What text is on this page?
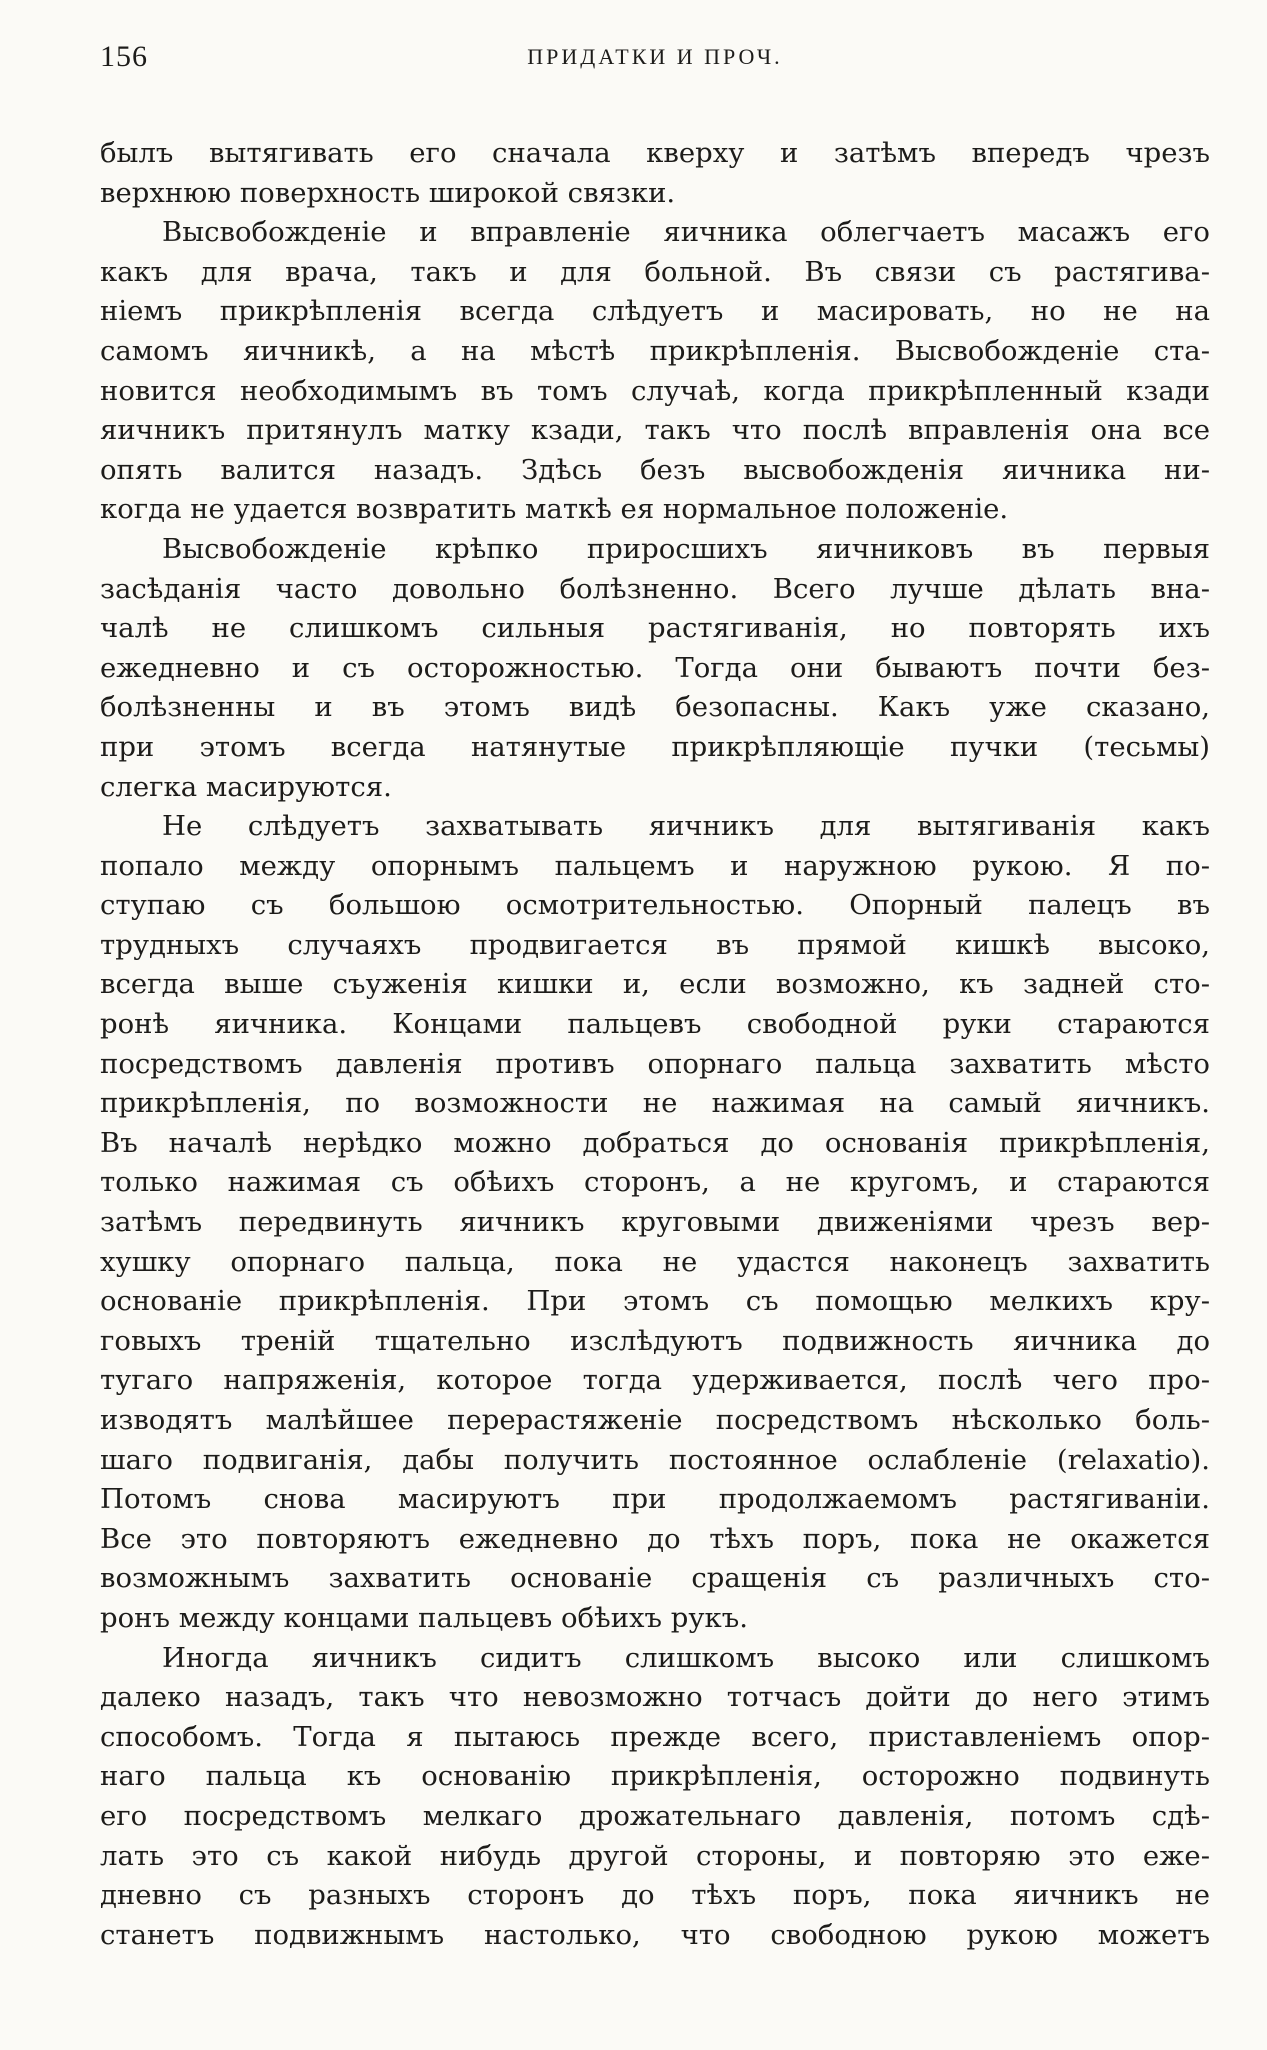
156	ПРИДАТКИ И ПРОЧ.
былъ вытягивать его сначала кверху и затѣмъ впередъ чрезъ
верхнюю поверхность широкой связки.
Высвобожденіе и вправленіе яичника облегчаетъ масажъ его
какъ для врача, такъ и для больной. Въ связи съ растягива-
ніемъ прикрѣпленія всегда слѣдуетъ и масировать, но не на
самомъ яичникѣ, а на мѣстѣ прикрѣпленія. Высвобожденіе ста-
новится необходимымъ въ томъ случаѣ, когда прикрѣпленный кзади
яичникъ притянулъ матку кзади, такъ что послѣ вправленія она все
опять валится назадъ. Здѣсь безъ высвобожденія яичника ни-
когда не удается возвратить маткѣ ея нормальное положеніе.
Высвобожденіе крѣпко приросшихъ яичниковъ въ первыя
засѣданія часто довольно болѣзненно. Всего лучше дѣлать вна-
чалѣ не слишкомъ сильныя растягиванія, но повторять ихъ
ежедневно и съ осторожностью. Тогда они бываютъ почти без-
болѣзненны и въ этомъ видѣ безопасны. Какъ уже сказано,
при этомъ всегда натянутые прикрѣпляющіе пучки (тесьмы)
слегка масируются.
Не слѣдуетъ захватывать яичникъ для вытягиванія какъ
попало между опорнымъ пальцемъ и наружною рукою. Я по-
ступаю съ большою осмотрительностью. Опорный палецъ въ
трудныхъ случаяхъ продвигается въ прямой кишкѣ высоко,
всегда выше съуженія кишки и, если возможно, къ задней сто-
ронѣ яичника. Концами пальцевъ свободной руки стараются
посредствомъ давленія противъ опорнаго пальца захватить мѣсто
прикрѣпленія, по возможности не нажимая на самый яичникъ.
Въ началѣ нерѣдко можно добраться до основанія прикрѣпленія,
только нажимая съ обѣихъ сторонъ, а не кругомъ, и стараются
затѣмъ передвинуть яичникъ круговыми движеніями чрезъ вер-
хушку опорнаго пальца, пока не удастся наконецъ захватить
основаніе прикрѣпленія. При этомъ съ помощью мелкихъ кру-
говыхъ треній тщательно изслѣдуютъ подвижность яичника до
тугаго напряженія, которое тогда удерживается, послѣ чего про-
изводятъ малѣйшее перерастяженіе посредствомъ нѣсколько боль-
шаго подвиганія, дабы получить постоянное ослабленіе (relaxatio).
Потомъ снова масируютъ при продолжаемомъ растягиваніи.
Все это повторяютъ ежедневно до тѣхъ поръ, пока не окажется
возможнымъ захватить основаніе сращенія съ различныхъ сто-
ронъ между концами пальцевъ обѣихъ рукъ.
Иногда яичникъ сидитъ слишкомъ высоко или слишкомъ
далеко назадъ, такъ что невозможно тотчасъ дойти до него этимъ
способомъ. Тогда я пытаюсь прежде всего, приставленіемъ опор-
наго пальца къ основанію прикрѣпленія, осторожно подвинуть
его посредствомъ мелкаго дрожательнаго давленія, потомъ сдѣ-
лать это съ какой нибудь другой стороны, и повторяю это еже-
дневно съ разныхъ сторонъ до тѣхъ поръ, пока яичникъ не
станетъ подвижнымъ настолько, что свободною рукою можетъ
